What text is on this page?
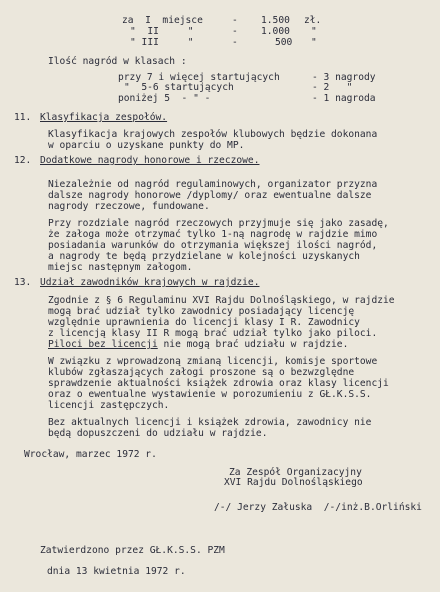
za  I  miejsce	- 1.500 zł.
"  II     "	- 1.000 "
" III     "	-	500 "
Ilość nagród w klasach :
przy 7 i więcej startujących	- 3 nagrody
"  5-6 startujących	- 2   "
poniżej 5  - " -	- 1 nagroda
11. Klasyfikacja zespołów.
Klasyfikacja krajowych zespołów klubowych będzie dokonana
w oparciu o uzyskane punkty do MP.
12. Dodatkowe nagrody honorowe i rzeczowe.
Niezależnie od nagród regulaminowych, organizator przyzna
dalsze nagrody honorowe /dyplomy/ oraz ewentualne dalsze
nagrody rzeczowe, fundowane.
Przy rozdziale nagród rzeczowych przyjmuje się jako zasadę,
że załoga może otrzymać tylko 1-ną nagrodę w rajdzie mimo
posiadania warunków do otrzymania większej ilości nagród,
a nagrody te będą przydzielane w kolejności uzyskanych
miejsc następnym załogom.
13. Udział zawodników krajowych w rajdzie.
Zgodnie z § 6 Regulaminu XVI Rajdu Dolnośląskiego, w rajdzie
mogą brać udział tylko zawodnicy posiadający licencję
względnie uprawnienia do licencji klasy I R. Zawodnicy
z licencją klasy II R mogą brać udział tylko jako piloci.
Piloci bez licencji nie mogą brać udziału w rajdzie.
W związku z wprowadzoną zmianą licencji, komisje sportowe
klubów zgłaszających załogi proszone są o bezwzględne
sprawdzenie aktualności książek zdrowia oraz klasy licencji
oraz o ewentualne wystawienie w porozumieniu z GŁ.K.S.S.
licencji zastępczych.
Bez aktualnych licencji i książek zdrowia, zawodnicy nie
będą dopuszczeni do udziału w rajdzie.
Wrocław, marzec 1972 r.
Za Zespół Organizacyjny
XVI Rajdu Dolnośląskiego
/-/ Jerzy Załuska  /-/inż.B.Orliński
Zatwierdzono przez GŁ.K.S.S. PZM
dnia 13 kwietnia 1972 r.
